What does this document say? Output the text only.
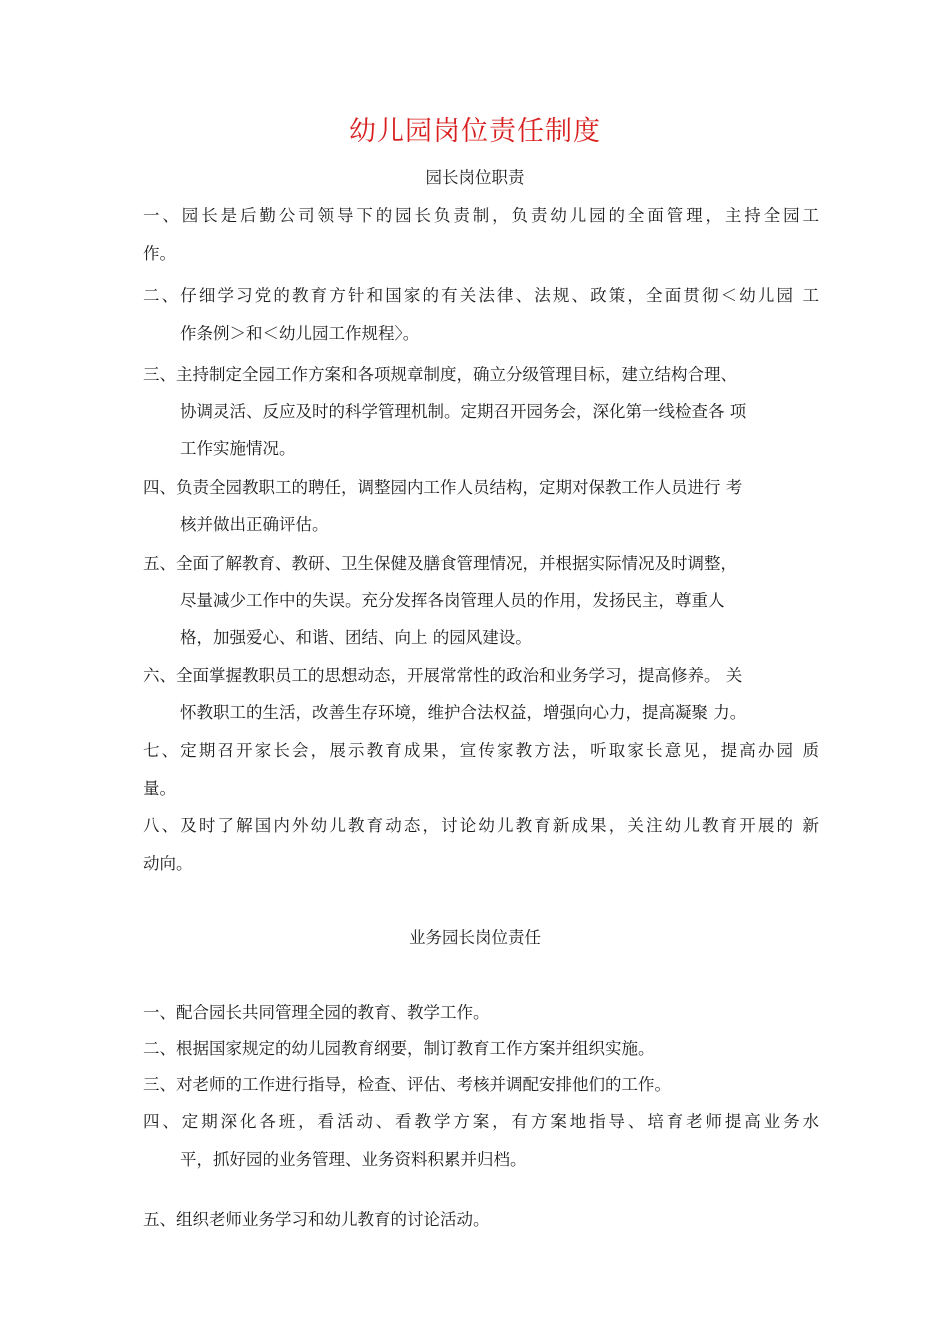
幼儿园岗位责任制度
园长岗位职责
一、园长是后勤公司领导下的园长负责制，负责幼儿园的全面管理，主持全园工
作。
二、仔细学习党的教育方针和国家的有关法律、法规、政策，全面贯彻＜幼儿园 工
作条例＞和＜幼儿园工作规程〉。
三、主持制定全园工作方案和各项规章制度，确立分级管理目标，建立结构合理、
协调灵活、反应及时的科学管理机制。定期召开园务会，深化第一线检查各 项
工作实施情况。
四、负责全园教职工的聘任，调整园内工作人员结构，定期对保教工作人员进行 考
核并做出正确评估。
五、全面了解教育、教研、卫生保健及膳食管理情况，并根据实际情况及时调整，
尽量减少工作中的失误。充分发挥各岗管理人员的作用，发扬民主，尊重人
格，加强爱心、和谐、团结、向上 的园风建设。
六、全面掌握教职员工的思想动态，开展常常性的政治和业务学习，提高修养。 关
怀教职工的生活，改善生存环境，维护合法权益，增强向心力，提高凝聚 力。
七、定期召开家长会，展示教育成果，宣传家教方法，听取家长意见，提高办园 质
量。
八、及时了解国内外幼儿教育动态，讨论幼儿教育新成果，关注幼儿教育开展的 新
动向。
业务园长岗位责任
一、配合园长共同管理全园的教育、教学工作。
二、根据国家规定的幼儿园教育纲要，制订教育工作方案并组织实施。
三、对老师的工作进行指导，检查、评估、考核并调配安排他们的工作。
四、定期深化各班，看活动、看教学方案，有方案地指导、培育老师提高业务水
平，抓好园的业务管理、业务资料积累并归档。
五、组织老师业务学习和幼儿教育的讨论活动。
